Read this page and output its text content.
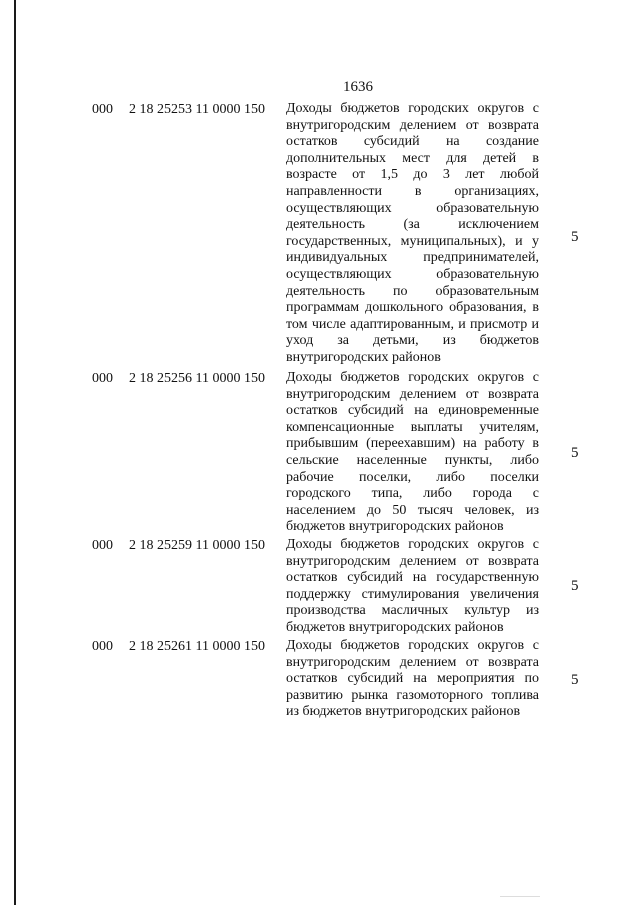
1636
000 2 18 25253 11 0000 150 Доходы бюджетов городских округов с внутригородским делением от возврата остатков субсидий на создание дополнительных мест для детей в возрасте от 1,5 до 3 лет любой направленности в организациях, осуществляющих образовательную деятельность (за исключением государственных, муниципальных), и у индивидуальных предпринимателей, осуществляющих образовательную деятельность по образовательным программам дошкольного образования, в том числе адаптированным, и присмотр и уход за детьми, из бюджетов внутригородских районов
5
000 2 18 25256 11 0000 150 Доходы бюджетов городских округов с внутригородским делением от возврата остатков субсидий на единовременные компенсационные выплаты учителям, прибывшим (переехавшим) на работу в сельские населенные пункты, либо рабочие поселки, либо поселки городского типа, либо города с населением до 50 тысяч человек, из бюджетов внутригородских районов
5
000 2 18 25259 11 0000 150 Доходы бюджетов городских округов с внутригородским делением от возврата остатков субсидий на государственную поддержку стимулирования увеличения производства масличных культур из бюджетов внутригородских районов
5
000 2 18 25261 11 0000 150 Доходы бюджетов городских округов с внутригородским делением от возврата остатков субсидий на мероприятия по развитию рынка газомоторного топлива из бюджетов внутригородских районов
5
